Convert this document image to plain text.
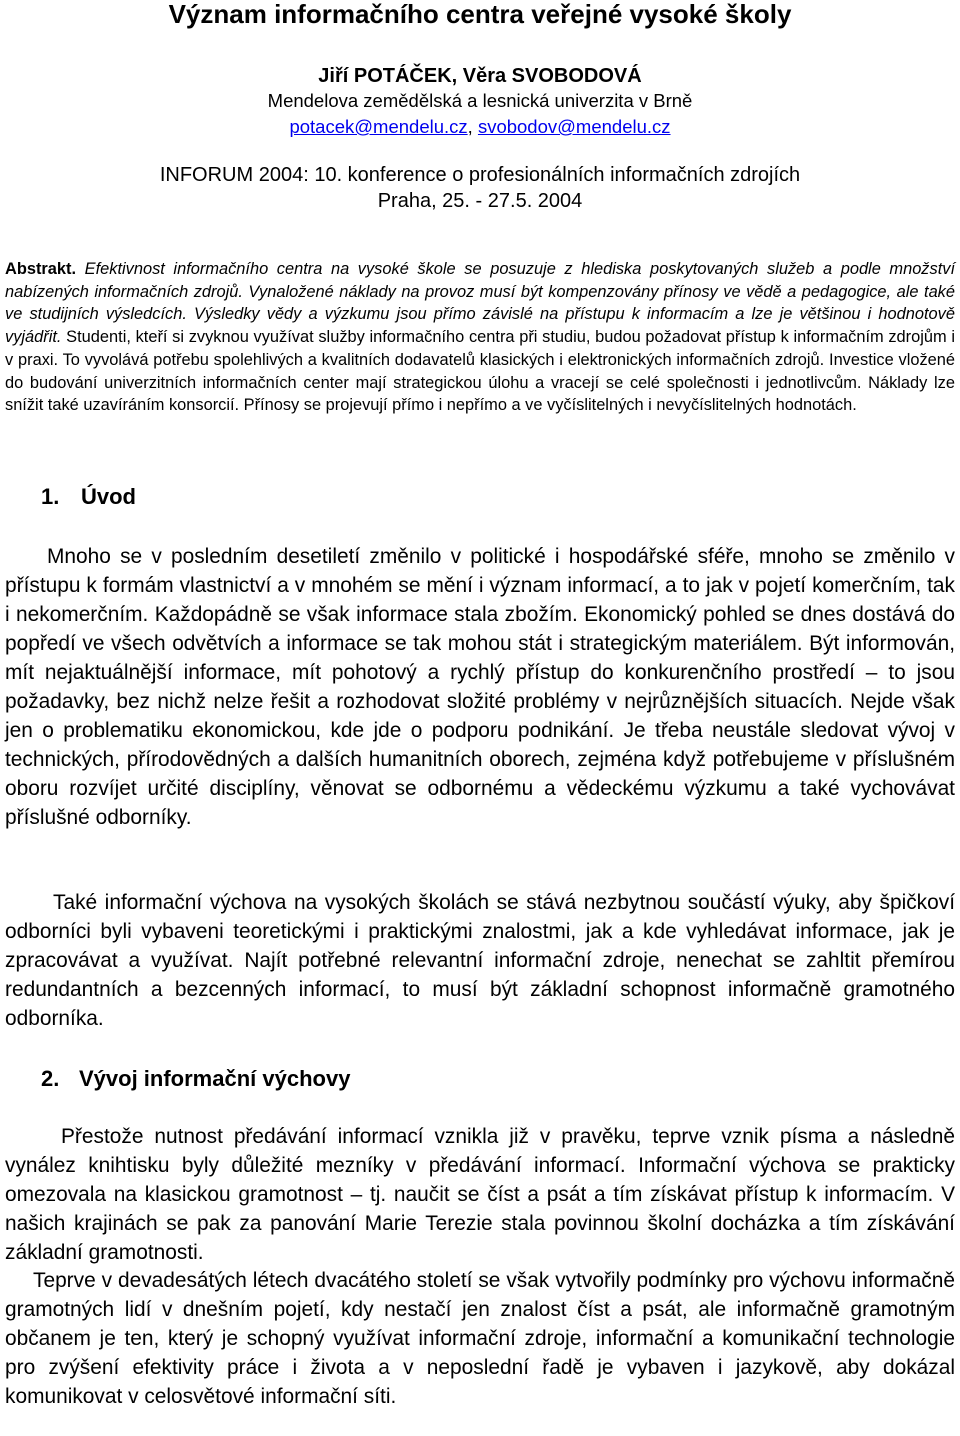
Význam informačního centra veřejné vysoké školy
Jiří POTÁČEK, Věra SVOBODOVÁ
Mendelova zemědělská a lesnická univerzita v Brně
potacek@mendelu.cz, svobodov@mendelu.cz
INFORUM 2004: 10. konference o profesionálních informačních zdrojích
Praha, 25. - 27.5. 2004

Abstrakt. Efektivnost informačního centra na vysoké škole se posuzuje z hlediska poskytovaných služeb a podle množství nabízených informačních zdrojů. Vynaložené náklady na provoz musí být kompenzovány přínosy ve vědě a pedagogice, ale také ve studijních výsledcích. Výsledky vědy a výzkumu jsou přímo závislé na přístupu k informacím a lze je většinou i hodnotově vyjádřit. Studenti, kteří si zvyknou využívat služby informačního centra při studiu, budou požadovat přístup k informačním zdrojům i v praxi. To vyvolává potřebu spolehlivých a kvalitních dodavatelů klasických i elektronických informačních zdrojů. Investice vložené do budování univerzitních informačních center mají strategickou úlohu a vracejí se celé společnosti i jednotlivcům. Náklady lze snížit také uzavíráním konsorcií. Přínosy se projevují přímo i nepřímo a ve vyčíslitelných i nevyčíslitelných hodnotách.

1. Úvod

Mnoho se v posledním desetiletí změnilo v politické i hospodářské sféře, mnoho se změnilo v přístupu k formám vlastnictví a v mnohém se mění i význam informací, a to jak v pojetí komerčním, tak i nekomerčním. Každopádně se však informace stala zbožím. Ekonomický pohled se dnes dostává do popředí ve všech odvětvích a informace se tak mohou stát i strategickým materiálem. Být informován, mít nejaktuálnější informace, mít pohotový a rychlý přístup do konkurenčního prostředí – to jsou požadavky, bez nichž nelze řešit a rozhodovat složité problémy v nejrůznějších situacích. Nejde však jen o problematiku ekonomickou, kde jde o podporu podnikání. Je třeba neustále sledovat vývoj v technických, přírodovědných a dalších humanitních oborech, zejména když potřebujeme v příslušném oboru rozvíjet určité disciplíny, věnovat se odbornému a vědeckému výzkumu a také vychovávat příslušné odborníky.

Také informační výchova na vysokých školách se stává nezbytnou součástí výuky, aby špičkoví odborníci byli vybaveni teoretickými i praktickými znalostmi, jak a kde vyhledávat informace, jak je zpracovávat a využívat. Najít potřebné relevantní informační zdroje, nenechat se zahltit přemírou redundantních a bezcenných informací, to musí být základní schopnost informačně gramotného odborníka.

2. Vývoj informační výchovy

Přestože nutnost předávání informací vznikla již v pravěku, teprve vznik písma a následně vynález knihtisku byly důležité mezníky v předávání informací. Informační výchova se prakticky omezovala na klasickou gramotnost – tj. naučit se číst a psát a tím získávat přístup k informacím. V našich krajinách se pak za panování Marie Terezie stala povinnou školní docházka a tím získávání základní gramotnosti.

Teprve v devadesátých létech dvacátého století se však vytvořily podmínky pro výchovu informačně gramotných lidí v dnešním pojetí, kdy nestačí jen znalost číst a psát, ale informačně gramotným občanem je ten, který je schopný využívat informační zdroje, informační a komunikační technologie pro zvýšení efektivity práce i života a v neposlední řadě je vybaven i jazykově, aby dokázal komunikovat v celosvětové informační síti.
